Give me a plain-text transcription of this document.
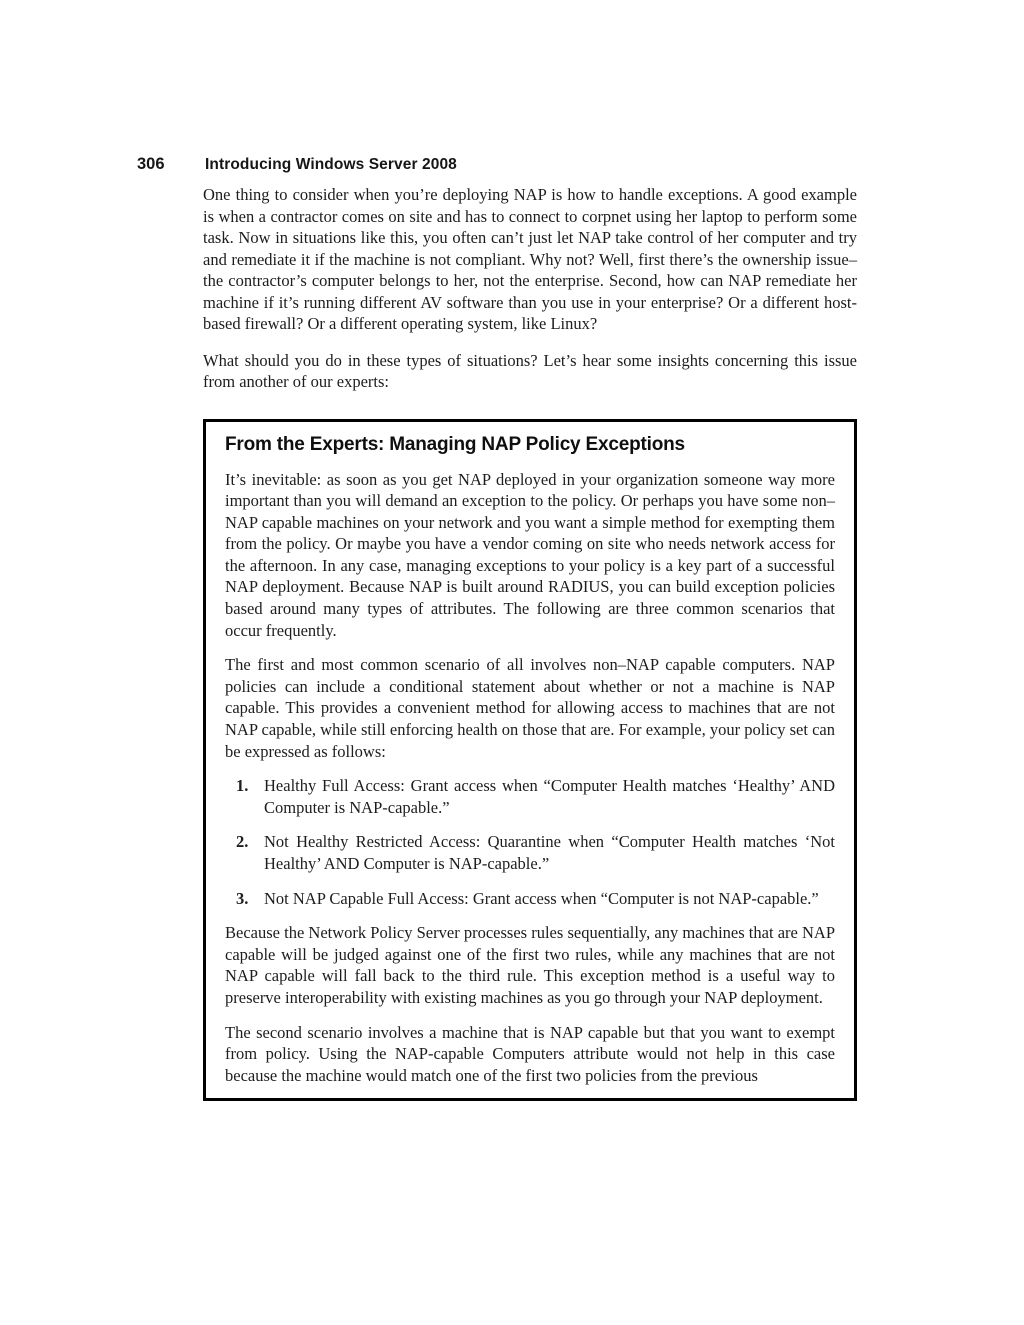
306	Introducing Windows Server 2008

One thing to consider when you’re deploying NAP is how to handle exceptions. A good example is when a contractor comes on site and has to connect to corpnet using her laptop to perform some task. Now in situations like this, you often can’t just let NAP take control of her computer and try and remediate it if the machine is not compliant. Why not? Well, first there’s the ownership issue–the contractor’s computer belongs to her, not the enterprise. Second, how can NAP remediate her machine if it’s running different AV software than you use in your enterprise? Or a different host-based firewall? Or a different operating system, like Linux?

What should you do in these types of situations? Let’s hear some insights concerning this issue from another of our experts:

From the Experts: Managing NAP Policy Exceptions

It’s inevitable: as soon as you get NAP deployed in your organization someone way more important than you will demand an exception to the policy. Or perhaps you have some non–NAP capable machines on your network and you want a simple method for exempting them from the policy. Or maybe you have a vendor coming on site who needs network access for the afternoon. In any case, managing exceptions to your policy is a key part of a successful NAP deployment. Because NAP is built around RADIUS, you can build exception policies based around many types of attributes. The following are three common scenarios that occur frequently.

The first and most common scenario of all involves non–NAP capable computers. NAP policies can include a conditional statement about whether or not a machine is NAP capable. This provides a convenient method for allowing access to machines that are not NAP capable, while still enforcing health on those that are. For example, your policy set can be expressed as follows:

1. Healthy Full Access: Grant access when “Computer Health matches ‘Healthy’ AND Computer is NAP-capable.”
2. Not Healthy Restricted Access: Quarantine when “Computer Health matches ‘Not Healthy’ AND Computer is NAP-capable.”
3. Not NAP Capable Full Access: Grant access when “Computer is not NAP-capable.”

Because the Network Policy Server processes rules sequentially, any machines that are NAP capable will be judged against one of the first two rules, while any machines that are not NAP capable will fall back to the third rule. This exception method is a useful way to preserve interoperability with existing machines as you go through your NAP deployment.

The second scenario involves a machine that is NAP capable but that you want to exempt from policy. Using the NAP-capable Computers attribute would not help in this case because the machine would match one of the first two policies from the previous
